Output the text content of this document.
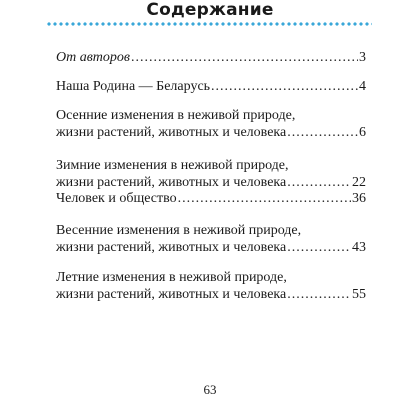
Содержание
От авторов .....	3
Наша Родина — Беларусь .....	4
Осенние изменения в неживой природе,
жизни растений, животных и человека .....	6
Зимние изменения в неживой природе,
жизни растений, животных и человека .....	22
Человек и общество .....	36
Весенние изменения в неживой природе,
жизни растений, животных и человека .....	43
Летние изменения в неживой природе,
жизни растений, животных и человека .....	55
63
